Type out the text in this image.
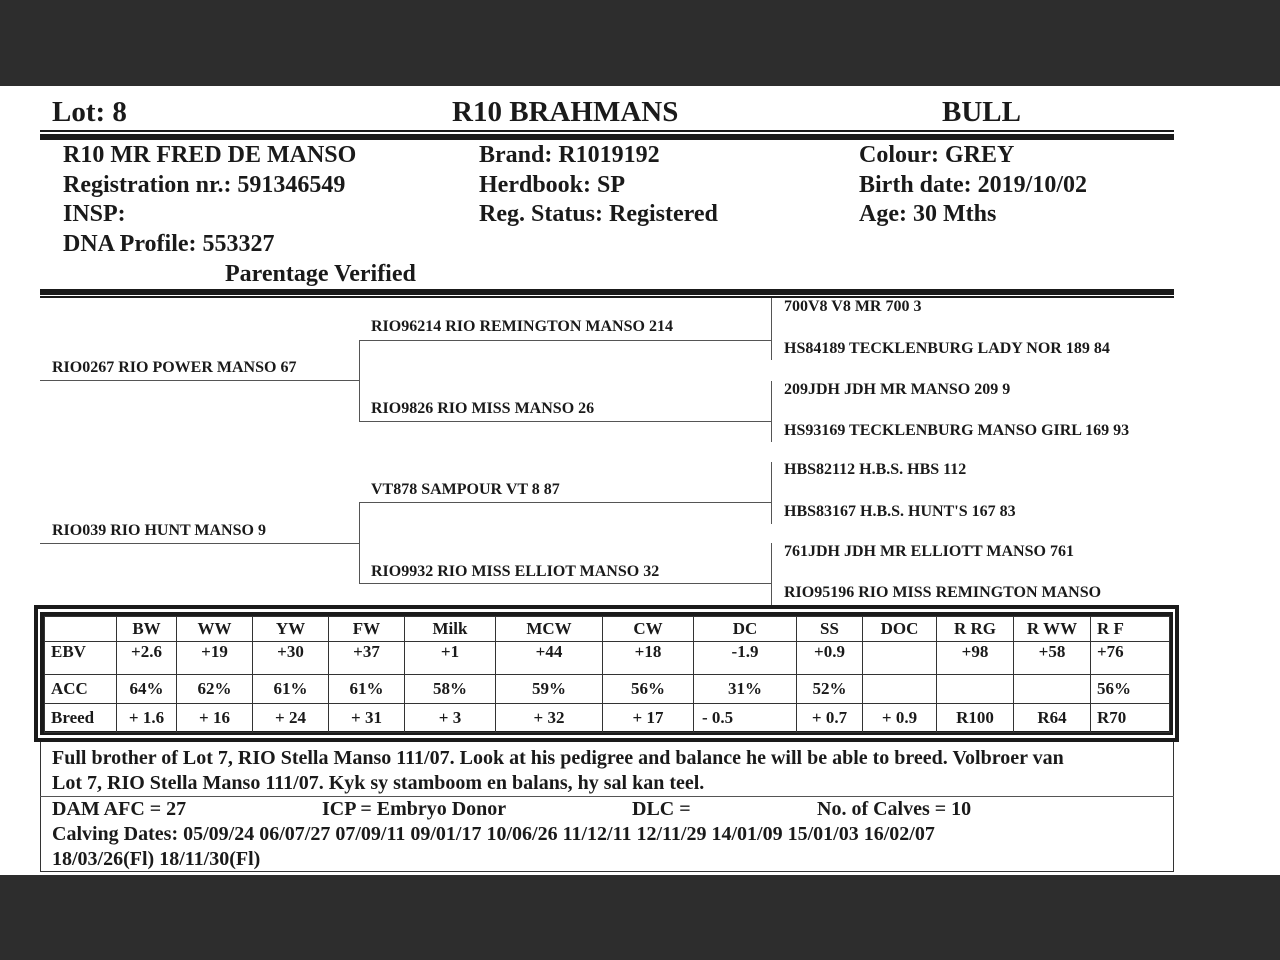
Lot: 8	R10 BRAHMANS	BULL
R10 MR FRED DE MANSO
Registration nr.: 591346549
INSP:
DNA Profile: 553327
Parentage Verified
Brand: R1019192
Herdbook: SP
Reg. Status: Registered
Colour: GREY
Birth date: 2019/10/02
Age: 30 Mths
RIO0267 RIO POWER MANSO 67
RIO039 RIO HUNT MANSO 9
RIO96214 RIO REMINGTON MANSO 214
RIO9826 RIO MISS MANSO 26
VT878 SAMPOUR VT 8 87
RIO9932 RIO MISS ELLIOT MANSO 32
700V8 V8 MR 700 3
HS84189 TECKLENBURG LADY NOR 189 84
209JDH JDH MR MANSO 209 9
HS93169 TECKLENBURG MANSO GIRL 169 93
HBS82112 H.B.S. HBS 112
HBS83167 H.B.S. HUNT'S 167 83
761JDH JDH MR ELLIOTT MANSO 761
RIO95196 RIO MISS REMINGTON MANSO
	BW	WW	YW	FW	Milk	MCW	CW	DC	SS	DOC	R RG	R WW	R F
EBV	+2.6	+19	+30	+37	+1	+44	+18	-1.9	+0.9		+98	+58	+76
ACC	64%	62%	61%	61%	58%	59%	56%	31%	52%				56%
Breed	+ 1.6	+ 16	+ 24	+ 31	+ 3	+ 32	+ 17	- 0.5	+ 0.7	+ 0.9	R100	R64	R70
Full brother of Lot 7, RIO Stella Manso 111/07. Look at his pedigree and balance he will be able to breed. Volbroer van
Lot 7, RIO Stella Manso 111/07. Kyk sy stamboom en balans, hy sal kan teel.
DAM AFC = 27	ICP = Embryo Donor	DLC =	No. of Calves = 10
Calving Dates: 05/09/24 06/07/27 07/09/11 09/01/17 10/06/26 11/12/11 12/11/29 14/01/09 15/01/03 16/02/07
18/03/26(Fl) 18/11/30(Fl)
